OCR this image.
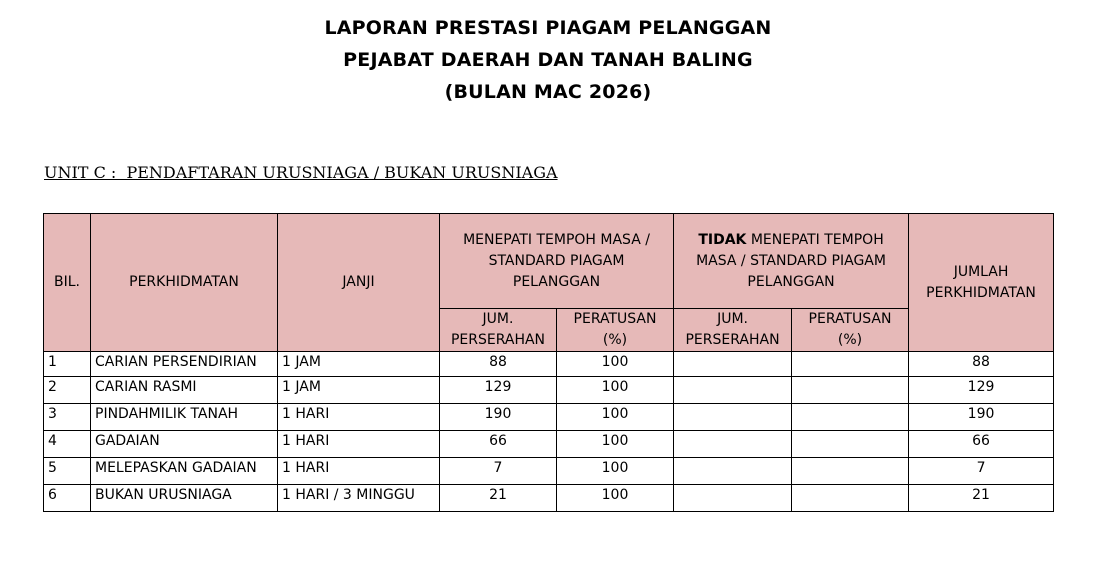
LAPORAN PRESTASI PIAGAM PELANGGAN
PEJABAT DAERAH DAN TANAH BALING
(BULAN MAC 2026)
UNIT C :  PENDAFTARAN URUSNIAGA / BUKAN URUSNIAGA
BIL.	PERKHIDMATAN	JANJI	MENEPATI TEMPOH MASA / STANDARD PIAGAM PELANGGAN		TIDAK MENEPATI TEMPOH MASA / STANDARD PIAGAM PELANGGAN		JUMLAH PERKHIDMATAN
			JUM. PERSERAHAN	PERATUSAN (%)	JUM. PERSERAHAN	PERATUSAN (%)	
1	CARIAN PERSENDIRIAN	1 JAM	88	100			88
2	CARIAN RASMI	1 JAM	129	100			129
3	PINDAHMILIK TANAH	1 HARI	190	100			190
4	GADAIAN	1 HARI	66	100			66
5	MELEPASKAN GADAIAN	1 HARI	7	100			7
6	BUKAN URUSNIAGA	1 HARI / 3 MINGGU	21	100			21
